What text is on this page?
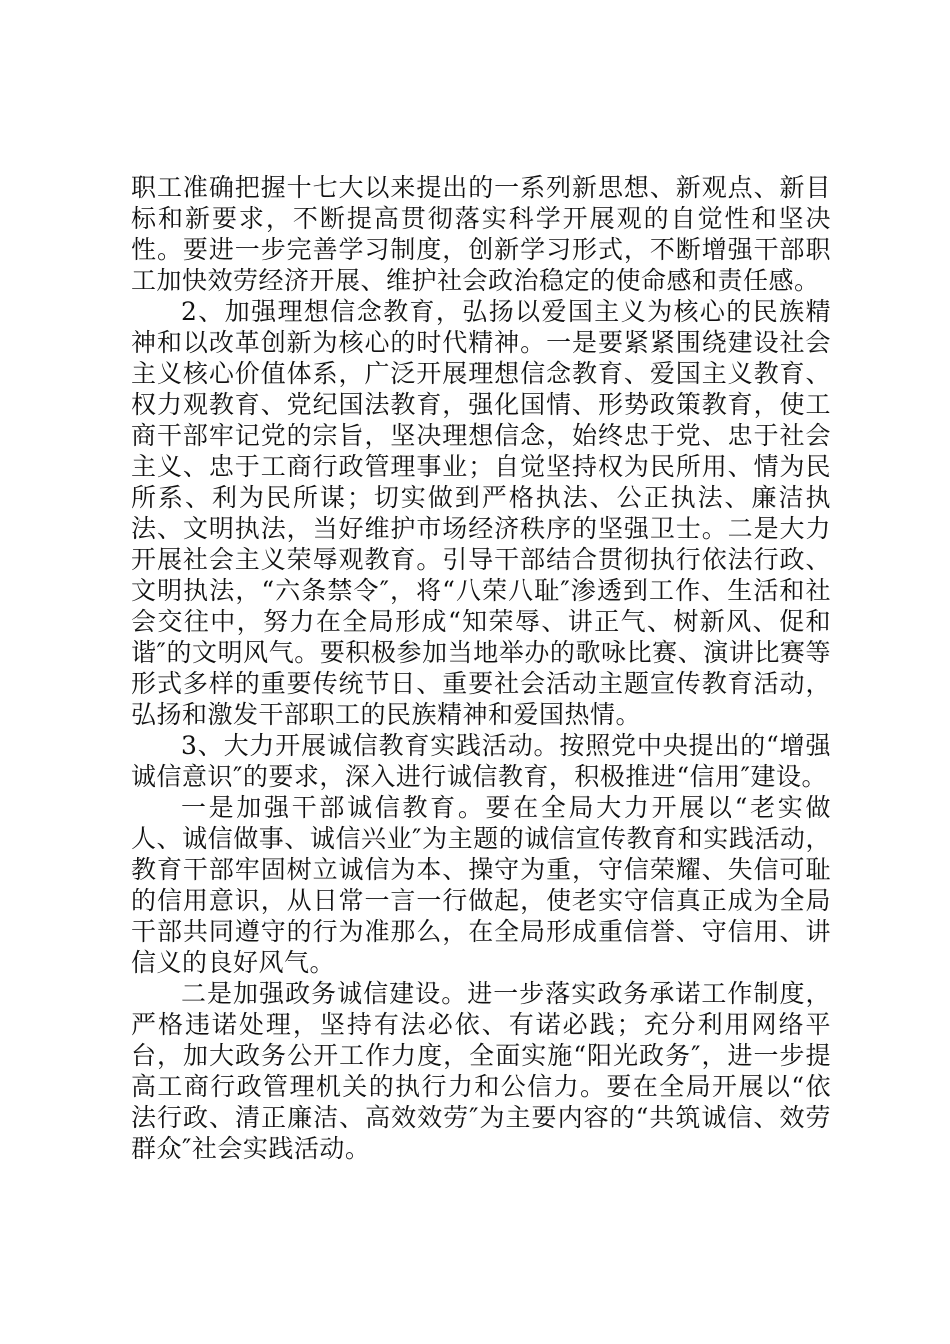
职工准确把握十七大以来提出的一系列新思想、新观点、新目标和新要求，不断提高贯彻落实科学开展观的自觉性和坚决性。要进一步完善学习制度，创新学习形式，不断增强干部职工加快效劳经济开展、维护社会政治稳定的使命感和责任感。

2、加强理想信念教育，弘扬以爱国主义为核心的民族精神和以改革创新为核心的时代精神。一是要紧紧围绕建设社会主义核心价值体系，广泛开展理想信念教育、爱国主义教育、权力观教育、党纪国法教育，强化国情、形势政策教育，使工商干部牢记党的宗旨，坚决理想信念，始终忠于党、忠于社会主义、忠于工商行政管理事业；自觉坚持权为民所用、情为民所系、利为民所谋；切实做到严格执法、公正执法、廉洁执法、文明执法，当好维护市场经济秩序的坚强卫士。二是大力开展社会主义荣辱观教育。引导干部结合贯彻执行依法行政、文明执法，“六条禁令″，将“八荣八耻″渗透到工作、生活和社会交往中，努力在全局形成“知荣辱、讲正气、树新风、促和谐″的文明风气。要积极参加当地举办的歌咏比赛、演讲比赛等形式多样的重要传统节日、重要社会活动主题宣传教育活动，弘扬和激发干部职工的民族精神和爱国热情。

3、大力开展诚信教育实践活动。按照党中央提出的“增强诚信意识″的要求，深入进行诚信教育，积极推进“信用″建设。

一是加强干部诚信教育。要在全局大力开展以“老实做人、诚信做事、诚信兴业″为主题的诚信宣传教育和实践活动，教育干部牢固树立诚信为本、操守为重，守信荣耀、失信可耻的信用意识，从日常一言一行做起，使老实守信真正成为全局干部共同遵守的行为准那么，在全局形成重信誉、守信用、讲信义的良好风气。

二是加强政务诚信建设。进一步落实政务承诺工作制度，严格违诺处理，坚持有法必依、有诺必践；充分利用网络平台，加大政务公开工作力度，全面实施“阳光政务″，进一步提高工商行政管理机关的执行力和公信力。要在全局开展以“依法行政、清正廉洁、高效效劳″为主要内容的“共筑诚信、效劳群众″社会实践活动。
